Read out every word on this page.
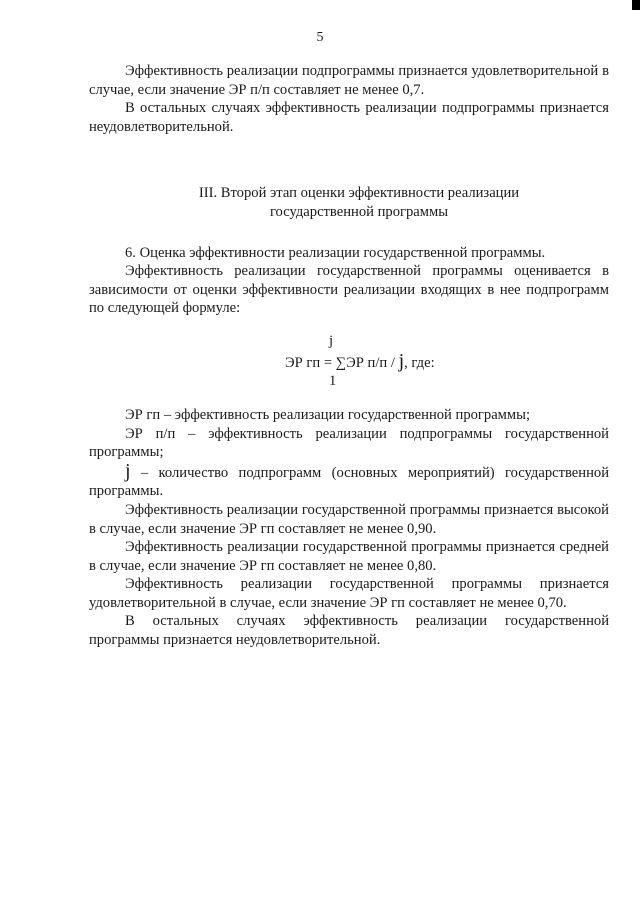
5

Эффективность реализации подпрограммы признается удовлетворительной в случае, если значение ЭР п/п составляет не менее 0,7.

В остальных случаях эффективность реализации подпрограммы признается неудовлетворительной.

III. Второй этап оценки эффективности реализации
государственной программы

6. Оценка эффективности реализации государственной программы.

Эффективность реализации государственной программы оценивается в зависимости от оценки эффективности реализации входящих в нее подпрограмм по следующей формуле:

j
ЭР гп = ∑ЭР п/п / j, где:
1

ЭР гп – эффективность реализации государственной программы;

ЭР п/п – эффективность реализации подпрограммы государственной программы;

j – количество подпрограмм (основных мероприятий) государственной программы.

Эффективность реализации государственной программы признается высокой в случае, если значение ЭР гп составляет не менее 0,90.

Эффективность реализации государственной программы признается средней в случае, если значение ЭР гп составляет не менее 0,80.

Эффективность реализации государственной программы признается удовлетворительной в случае, если значение ЭР гп составляет не менее 0,70.

В остальных случаях эффективность реализации государственной программы признается неудовлетворительной.
